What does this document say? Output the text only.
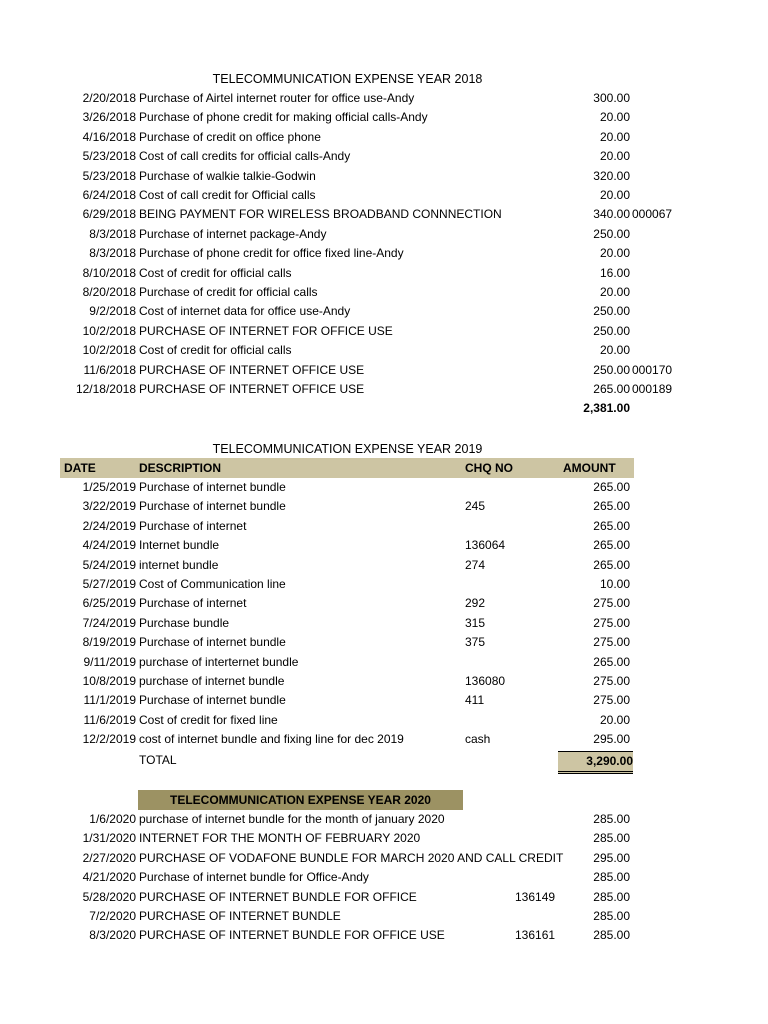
TELECOMMUNICATION EXPENSE YEAR 2018
2/20/2018 Purchase of Airtel internet router for office use-Andy	300.00
3/26/2018 Purchase of phone credit for making official calls-Andy	20.00
4/16/2018 Purchase of credit on office phone	20.00
5/23/2018 Cost of call credits for official calls-Andy	20.00
5/23/2018 Purchase of walkie talkie-Godwin	320.00
6/24/2018 Cost of call credit for Official calls	20.00
6/29/2018 BEING PAYMENT FOR WIRELESS BROADBAND CONNNECTION	340.00 000067
8/3/2018 Purchase of internet package-Andy	250.00
8/3/2018 Purchase of phone credit for office fixed line-Andy	20.00
8/10/2018 Cost of credit for official calls	16.00
8/20/2018 Purchase of credit for official calls	20.00
9/2/2018 Cost of internet data for office use-Andy	250.00
10/2/2018 PURCHASE OF INTERNET FOR OFFICE USE	250.00
10/2/2018 Cost of credit for official calls	20.00
11/6/2018 PURCHASE OF INTERNET OFFICE USE	250.00 000170
12/18/2018 PURCHASE OF INTERNET OFFICE USE	265.00 000189
2,381.00
TELECOMMUNICATION EXPENSE YEAR 2019
DATE	DESCRIPTION	CHQ NO	AMOUNT
1/25/2019 Purchase of internet bundle	265.00
3/22/2019 Purchase of internet bundle	245	265.00
2/24/2019 Purchase of internet	265.00
4/24/2019 Internet bundle	136064	265.00
5/24/2019 internet bundle	274	265.00
5/27/2019 Cost of Communication line	10.00
6/25/2019 Purchase of internet	292	275.00
7/24/2019 Purchase bundle	315	275.00
8/19/2019 Purchase of internet bundle	375	275.00
9/11/2019 purchase of interternet bundle	265.00
10/8/2019 purchase of internet bundle	136080	275.00
11/1/2019 Purchase of internet bundle	411	275.00
11/6/2019 Cost of credit for fixed line	20.00
12/2/2019 cost of internet bundle and fixing line for dec 2019	cash	295.00
TOTAL	3,290.00
TELECOMMUNICATION EXPENSE YEAR 2020
1/6/2020 purchase of internet bundle for the month of january 2020	285.00
1/31/2020 INTERNET FOR THE MONTH OF FEBRUARY 2020	285.00
2/27/2020 PURCHASE OF VODAFONE BUNDLE FOR MARCH 2020 AND CALL CREDIT	295.00
4/21/2020 Purchase of internet bundle for Office-Andy	285.00
5/28/2020 PURCHASE OF INTERNET BUNDLE FOR OFFICE	136149	285.00
7/2/2020 PURCHASE OF INTERNET BUNDLE	285.00
8/3/2020 PURCHASE OF INTERNET BUNDLE FOR OFFICE USE	136161	285.00
